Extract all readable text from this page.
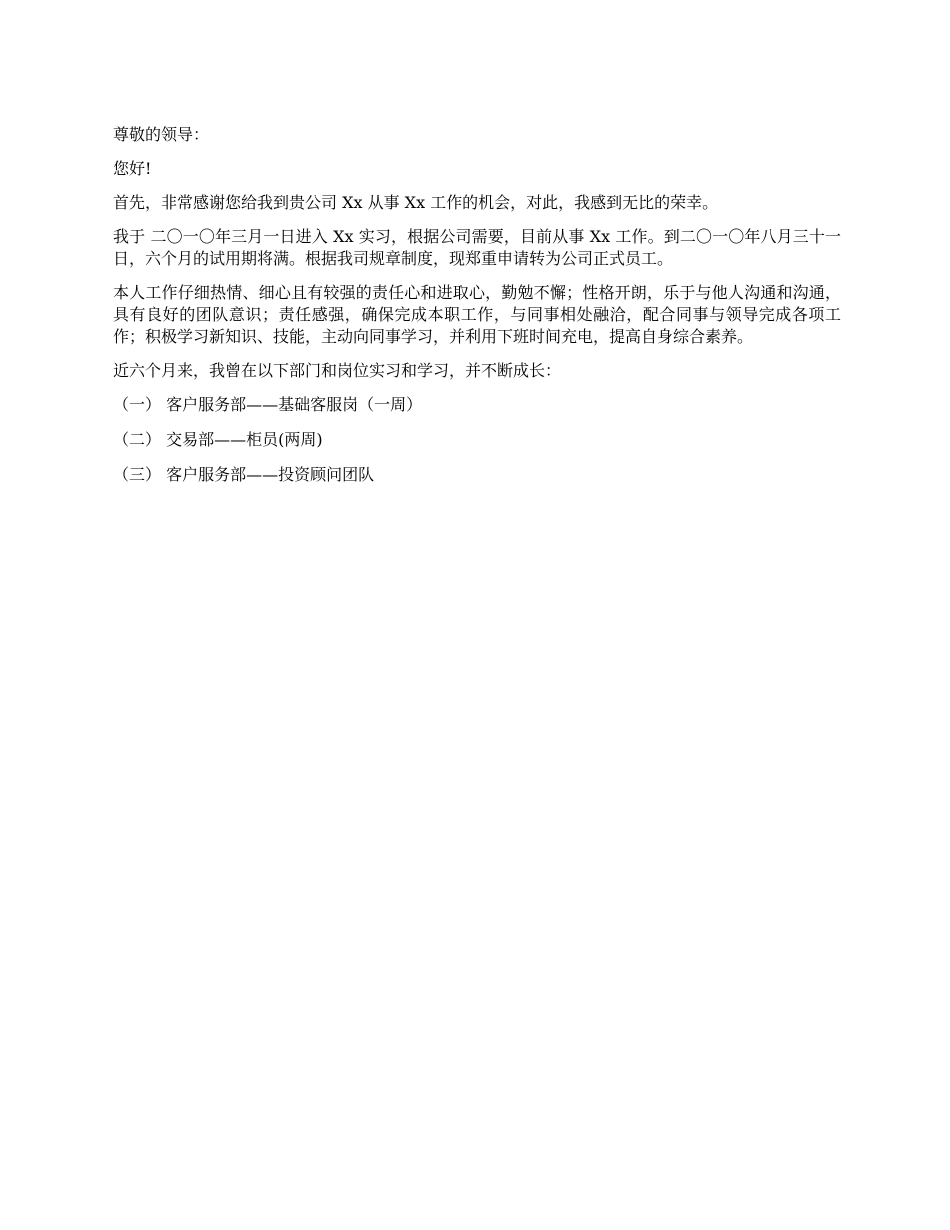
尊敬的领导：

您好!

首先，非常感谢您给我到贵公司 Xx 从事 Xx 工作的机会，对此，我感到无比的荣幸。

我于 二〇一〇年三月一日进入 Xx 实习，根据公司需要，目前从事 Xx 工作。到二〇一〇年八月三十一日，六个月的试用期将满。根据我司规章制度，现郑重申请转为公司正式员工。

本人工作仔细热情、细心且有较强的责任心和进取心，勤勉不懈；性格开朗，乐于与他人沟通和沟通，具有良好的团队意识；责任感强，确保完成本职工作，与同事相处融洽，配合同事与领导完成各项工作；积极学习新知识、技能，主动向同事学习，并利用下班时间充电，提高自身综合素养。

近六个月来，我曾在以下部门和岗位实习和学习，并不断成长：

（一） 客户服务部——基础客服岗（一周）

（二） 交易部——柜员(两周)

（三） 客户服务部——投资顾问团队
